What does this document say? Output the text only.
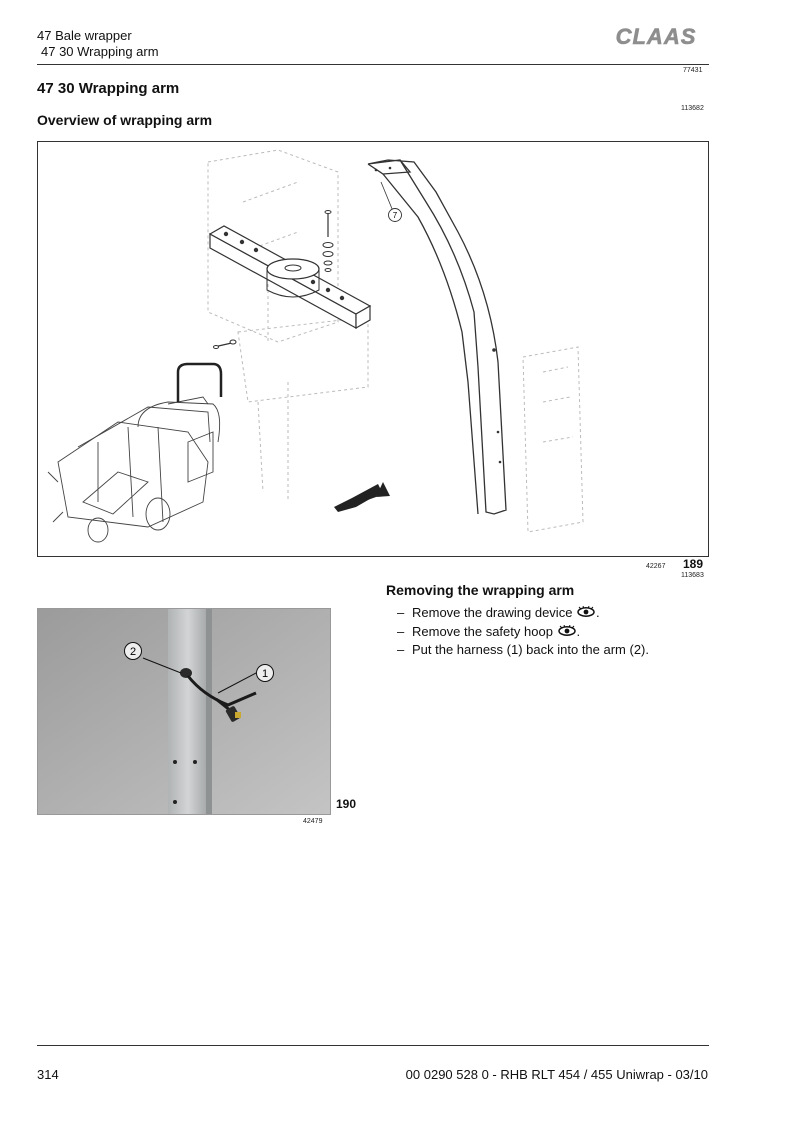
47 Bale wrapper
47 30 Wrapping arm
CLAAS
77431
47 30 Wrapping arm
113682
Overview of wrapping arm
7
42267 189
113683
Removing the wrapping arm
– Remove the drawing device .
– Remove the safety hoop .
– Put the harness (1) back into the arm (2).
2
1
190
42479
314	00 0290 528 0 - RHB RLT 454 / 455 Uniwrap - 03/10
